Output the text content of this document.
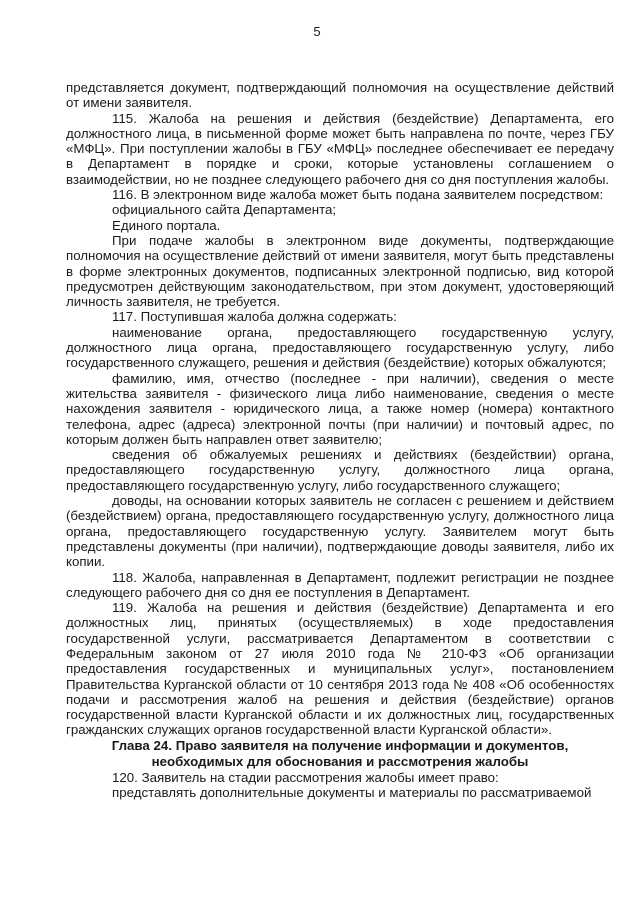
5

представляется документ, подтверждающий полномочия на осуществление действий от имени заявителя.

115. Жалоба на решения и действия (бездействие) Департамента, его должностного лица, в письменной форме может быть направлена по почте, через ГБУ «МФЦ». При поступлении жалобы в ГБУ «МФЦ» последнее обеспечивает ее передачу в Департамент в порядке и сроки, которые установлены соглашением о взаимодействии, но не позднее следующего рабочего дня со дня поступления жалобы.

116. В электронном виде жалоба может быть подана заявителем посредством:

официального сайта Департамента;

Единого портала.

При подаче жалобы в электронном виде документы, подтверждающие полномочия на осуществление действий от имени заявителя, могут быть представлены в форме электронных документов, подписанных электронной подписью, вид которой предусмотрен действующим законодательством, при этом документ, удостоверяющий личность заявителя, не требуется.

117. Поступившая жалоба должна содержать:

наименование органа, предоставляющего государственную услугу, должностного лица органа, предоставляющего государственную услугу, либо государственного служащего, решения и действия (бездействие) которых обжалуются;

фамилию, имя, отчество (последнее - при наличии), сведения о месте жительства заявителя - физического лица либо наименование, сведения о месте нахождения заявителя - юридического лица, а также номер (номера) контактного телефона, адрес (адреса) электронной почты (при наличии) и почтовый адрес, по которым должен быть направлен ответ заявителю;

сведения об обжалуемых решениях и действиях (бездействии) органа, предоставляющего государственную услугу, должностного лица органа, предоставляющего государственную услугу, либо государственного служащего;

доводы, на основании которых заявитель не согласен с решением и действием (бездействием) органа, предоставляющего государственную услугу, должностного лица органа, предоставляющего государственную услугу. Заявителем могут быть представлены документы (при наличии), подтверждающие доводы заявителя, либо их копии.

118. Жалоба, направленная в Департамент, подлежит регистрации не позднее следующего рабочего дня со дня ее поступления в Департамент.

119. Жалоба на решения и действия (бездействие) Департамента и его должностных лиц, принятых (осуществляемых) в ходе предоставления государственной услуги, рассматривается Департаментом в соответствии с Федеральным законом от 27 июля 2010 года № 210-ФЗ «Об организации предоставления государственных и муниципальных услуг», постановлением Правительства Курганской области от 10 сентября 2013 года № 408 «Об особенностях подачи и рассмотрения жалоб на решения и действия (бездействие) органов государственной власти Курганской области и их должностных лиц, государственных гражданских служащих органов государственной власти Курганской области».

Глава 24. Право заявителя на получение информации и документов,
необходимых для обоснования и рассмотрения жалобы

120. Заявитель на стадии рассмотрения жалобы имеет право:

представлять дополнительные документы и материалы по рассматриваемой
